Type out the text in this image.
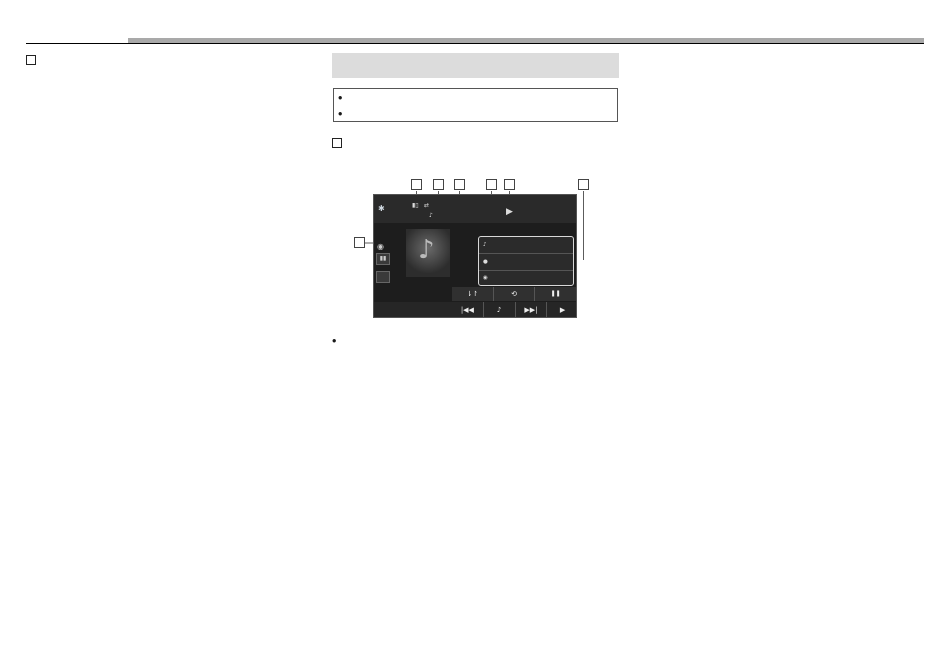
•
•
✱	▮▯ ⇄
♪	▶
◉
▮▮ ♪	♪
●
◉
⇂↾	⟲	❚❚
|◀◀	♪	▶▶|	▶
•
